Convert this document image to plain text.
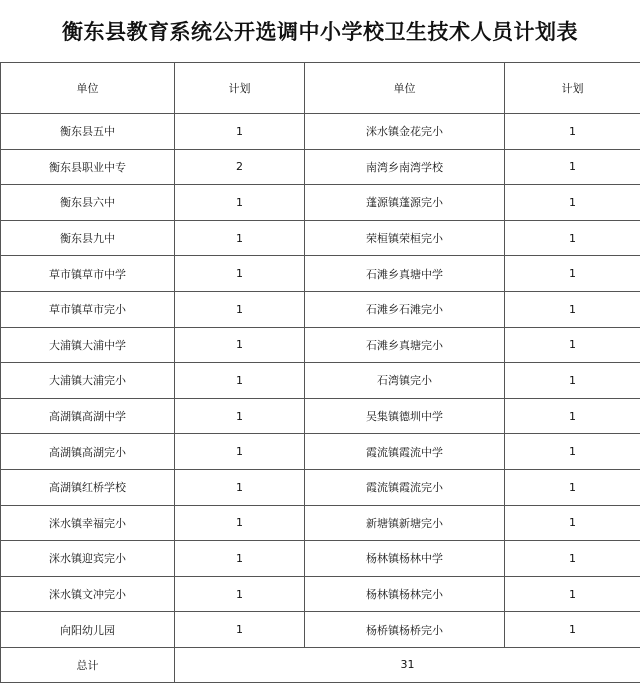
衡东县教育系统公开选调中小学校卫生技术人员计划表
单位	计划	单位	计划
衡东县五中	1	洣水镇金花完小	1
衡东县职业中专	2	南湾乡南湾学校	1
衡东县六中	1	蓬源镇蓬源完小	1
衡东县九中	1	荣桓镇荣桓完小	1
草市镇草市中学	1	石滩乡真塘中学	1
草市镇草市完小	1	石滩乡石滩完小	1
大浦镇大浦中学	1	石滩乡真塘完小	1
大浦镇大浦完小	1	石湾镇完小	1
高湖镇高湖中学	1	吴集镇德圳中学	1
高湖镇高湖完小	1	霞流镇霞流中学	1
高湖镇红桥学校	1	霞流镇霞流完小	1
洣水镇幸福完小	1	新塘镇新塘完小	1
洣水镇迎宾完小	1	杨林镇杨林中学	1
洣水镇文冲完小	1	杨林镇杨林完小	1
向阳幼儿园	1	杨桥镇杨桥完小	1
总计	31		
